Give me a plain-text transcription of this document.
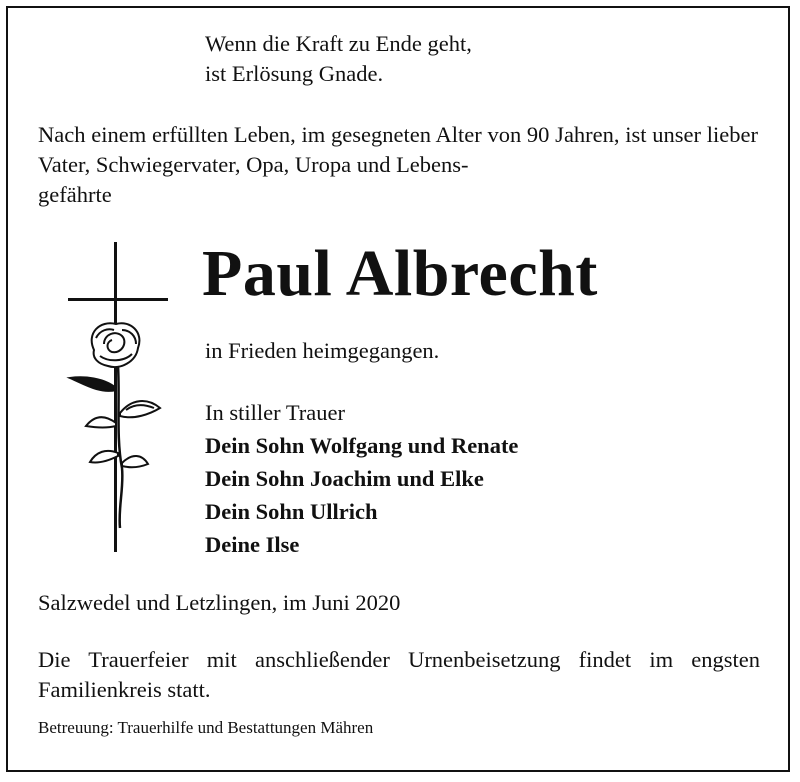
Wenn die Kraft zu Ende geht,
ist Erlösung Gnade.
Nach einem erfüllten Leben, im gesegneten Alter von 90 Jahren, ist unser lieber Vater, Schwiegervater, Opa, Uropa und Lebens-
gefährte
Paul Albrecht
in Frieden heimgegangen.
In stiller Trauer
Dein Sohn Wolfgang und Renate
Dein Sohn Joachim und Elke
Dein Sohn Ullrich
Deine Ilse
Salzwedel und Letzlingen, im Juni 2020
Die Trauerfeier mit anschließender Urnenbeisetzung findet im engsten Familienkreis statt.
Betreuung: Trauerhilfe und Bestattungen Mähren
